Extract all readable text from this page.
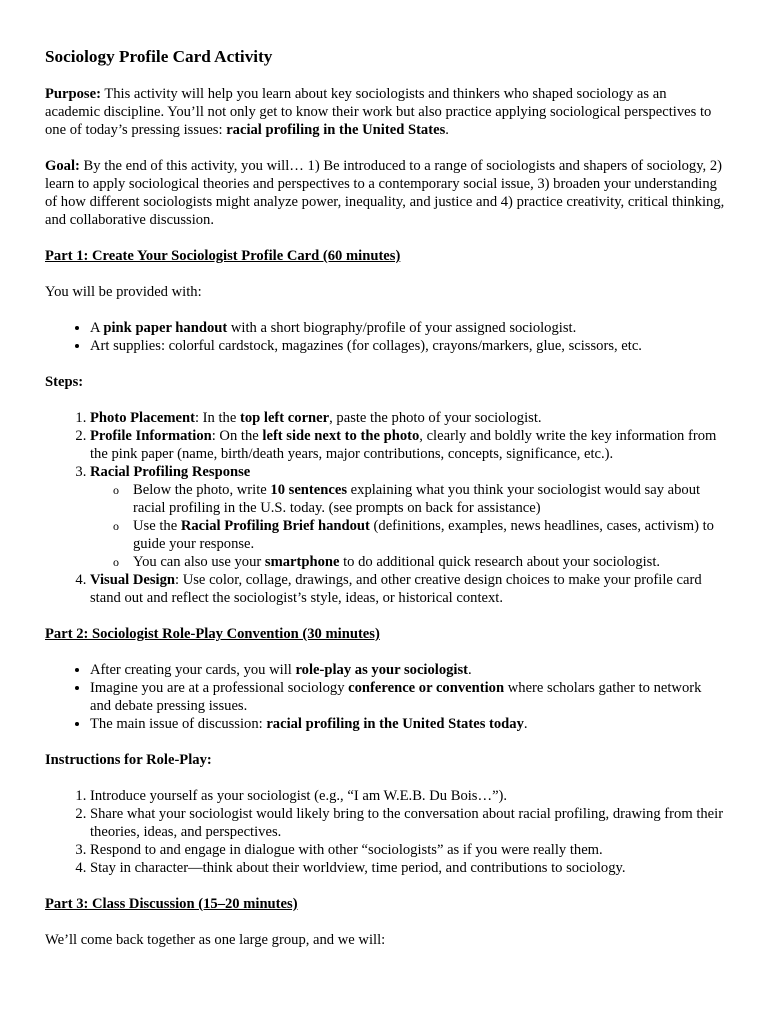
Sociology Profile Card Activity

Purpose: This activity will help you learn about key sociologists and thinkers who shaped sociology as an academic discipline. You’ll not only get to know their work but also practice applying sociological perspectives to one of today’s pressing issues: racial profiling in the United States.

Goal: By the end of this activity, you will… 1) Be introduced to a range of sociologists and shapers of sociology, 2) learn to apply sociological theories and perspectives to a contemporary social issue, 3) broaden your understanding of how different sociologists might analyze power, inequality, and justice and 4) practice creativity, critical thinking, and collaborative discussion.

Part 1: Create Your Sociologist Profile Card (60 minutes)

You will be provided with:

• A pink paper handout with a short biography/profile of your assigned sociologist.
• Art supplies: colorful cardstock, magazines (for collages), crayons/markers, glue, scissors, etc.
Steps:
1. Photo Placement: In the top left corner, paste the photo of your sociologist.
2. Profile Information: On the left side next to the photo, clearly and boldly write the key information from the pink paper (name, birth/death years, major contributions, concepts, significance, etc.).
3. Racial Profiling Response
o Below the photo, write 10 sentences explaining what you think your sociologist would say about racial profiling in the U.S. today. (see prompts on back for assistance)
o Use the Racial Profiling Brief handout (definitions, examples, news headlines, cases, activism) to guide your response.
o You can also use your smartphone to do additional quick research about your sociologist.
4. Visual Design: Use color, collage, drawings, and other creative design choices to make your profile card stand out and reflect the sociologist’s style, ideas, or historical context.
Part 2: Sociologist Role-Play Convention (30 minutes)
• After creating your cards, you will role-play as your sociologist.
• Imagine you are at a professional sociology conference or convention where scholars gather to network and debate pressing issues.
• The main issue of discussion: racial profiling in the United States today.
Instructions for Role-Play:
1. Introduce yourself as your sociologist (e.g., “I am W.E.B. Du Bois…”).
2. Share what your sociologist would likely bring to the conversation about racial profiling, drawing from their theories, ideas, and perspectives.
3. Respond to and engage in dialogue with other “sociologists” as if you were really them.
4. Stay in character—think about their worldview, time period, and contributions to sociology.
Part 3: Class Discussion (15–20 minutes)

We’ll come back together as one large group, and we will:
